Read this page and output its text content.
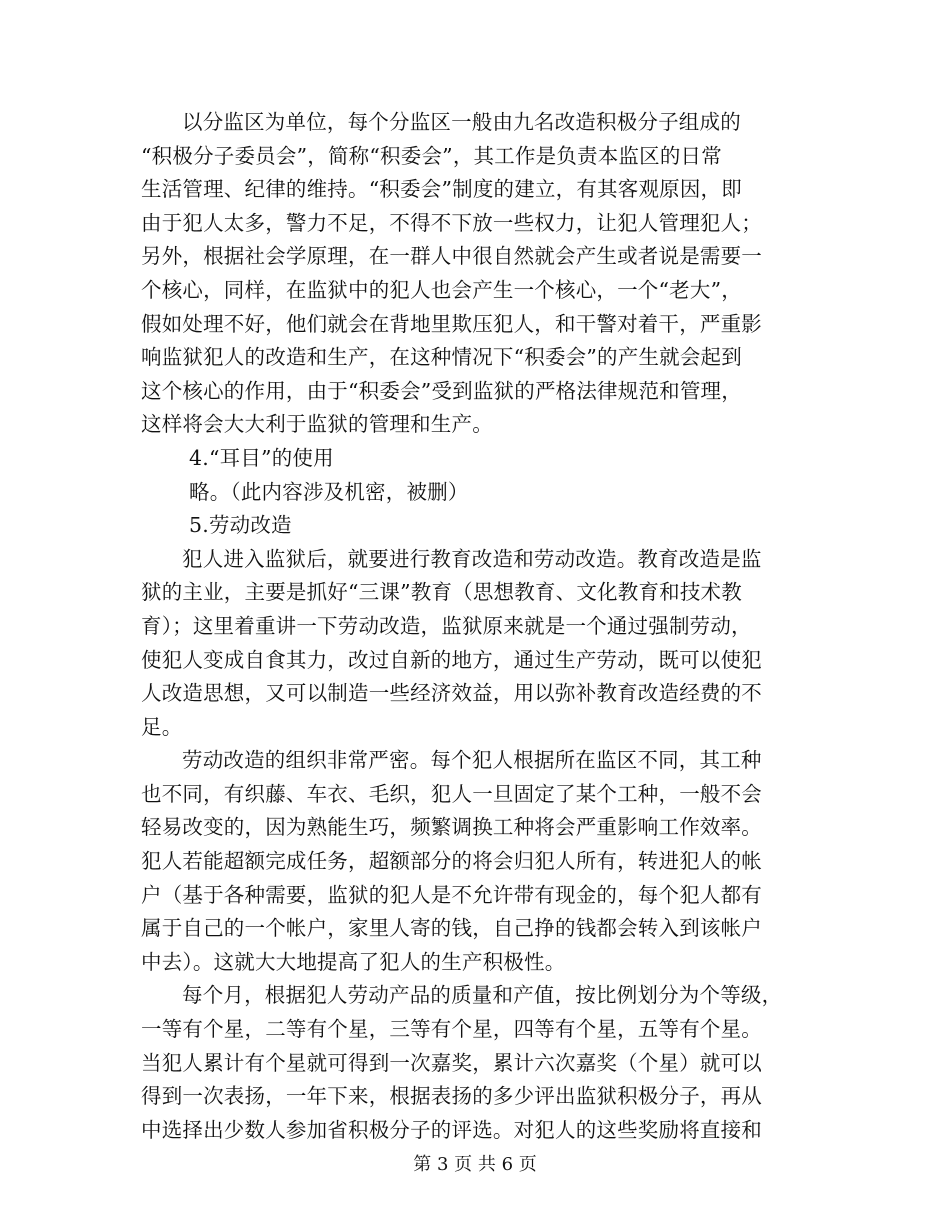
以分监区为单位，每个分监区一般由九名改造积极分子组成的
“积极分子委员会”，简称“积委会”，其工作是负责本监区的日常
生活管理、纪律的维持。“积委会”制度的建立，有其客观原因，即
由于犯人太多，警力不足，不得不下放一些权力，让犯人管理犯人；
另外，根据社会学原理，在一群人中很自然就会产生或者说是需要一
个核心，同样，在监狱中的犯人也会产生一个核心，一个“老大”，
假如处理不好，他们就会在背地里欺压犯人，和干警对着干，严重影
响监狱犯人的改造和生产，在这种情况下“积委会”的产生就会起到
这个核心的作用，由于“积委会”受到监狱的严格法律规范和管理，
这样将会大大利于监狱的管理和生产。
4.“耳目”的使用
略。（此内容涉及机密，被删）
5.劳动改造
犯人进入监狱后，就要进行教育改造和劳动改造。教育改造是监
狱的主业，主要是抓好“三课”教育（思想教育、文化教育和技术教
育）；这里着重讲一下劳动改造，监狱原来就是一个通过强制劳动，
使犯人变成自食其力，改过自新的地方，通过生产劳动，既可以使犯
人改造思想，又可以制造一些经济效益，用以弥补教育改造经费的不
足。
劳动改造的组织非常严密。每个犯人根据所在监区不同，其工种
也不同，有织藤、车衣、毛织，犯人一旦固定了某个工种，一般不会
轻易改变的，因为熟能生巧，频繁调换工种将会严重影响工作效率。
犯人若能超额完成任务，超额部分的将会归犯人所有，转进犯人的帐
户（基于各种需要，监狱的犯人是不允许带有现金的，每个犯人都有
属于自己的一个帐户，家里人寄的钱，自己挣的钱都会转入到该帐户
中去）。这就大大地提高了犯人的生产积极性。
每个月，根据犯人劳动产品的质量和产值，按比例划分为个等级，
一等有个星，二等有个星，三等有个星，四等有个星，五等有个星。
当犯人累计有个星就可得到一次嘉奖，累计六次嘉奖（个星）就可以
得到一次表扬，一年下来，根据表扬的多少评出监狱积极分子，再从
中选择出少数人参加省积极分子的评选。对犯人的这些奖励将直接和
第 3 页 共 6 页
